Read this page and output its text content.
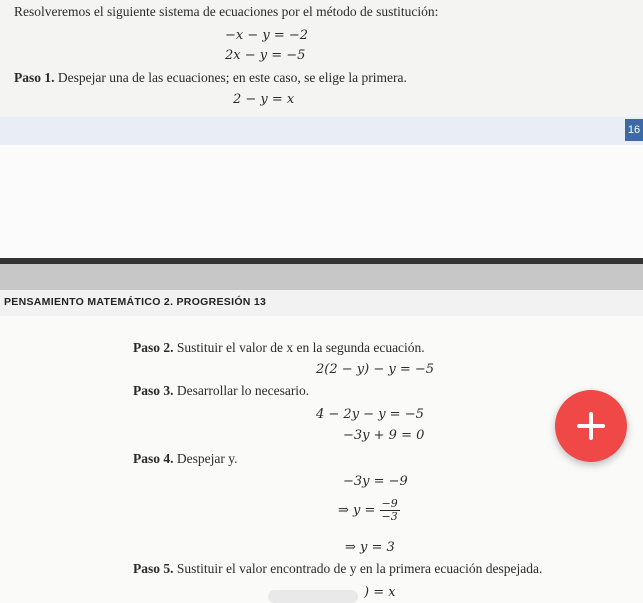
Resolveremos el siguiente sistema de ecuaciones por el método de sustitución:
−x − y = −2
2x − y = −5
Paso 1. Despejar una de las ecuaciones; en este caso, se elige la primera.
2 − y = x
16
PENSAMIENTO MATEMÁTICO 2. PROGRESIÓN 13
Paso 2. Sustituir el valor de x en la segunda ecuación.
2(2 − y) − y = −5
Paso 3. Desarrollar lo necesario.
4 − 2y − y = −5
−3y + 9 = 0
Paso 4. Despejar y.
−3y = −9
⇒ $y = \frac{-9}{-3}$
⇒ y = 3
Paso 5. Sustituir el valor encontrado de y en la primera ecuación despejada.
) = x
